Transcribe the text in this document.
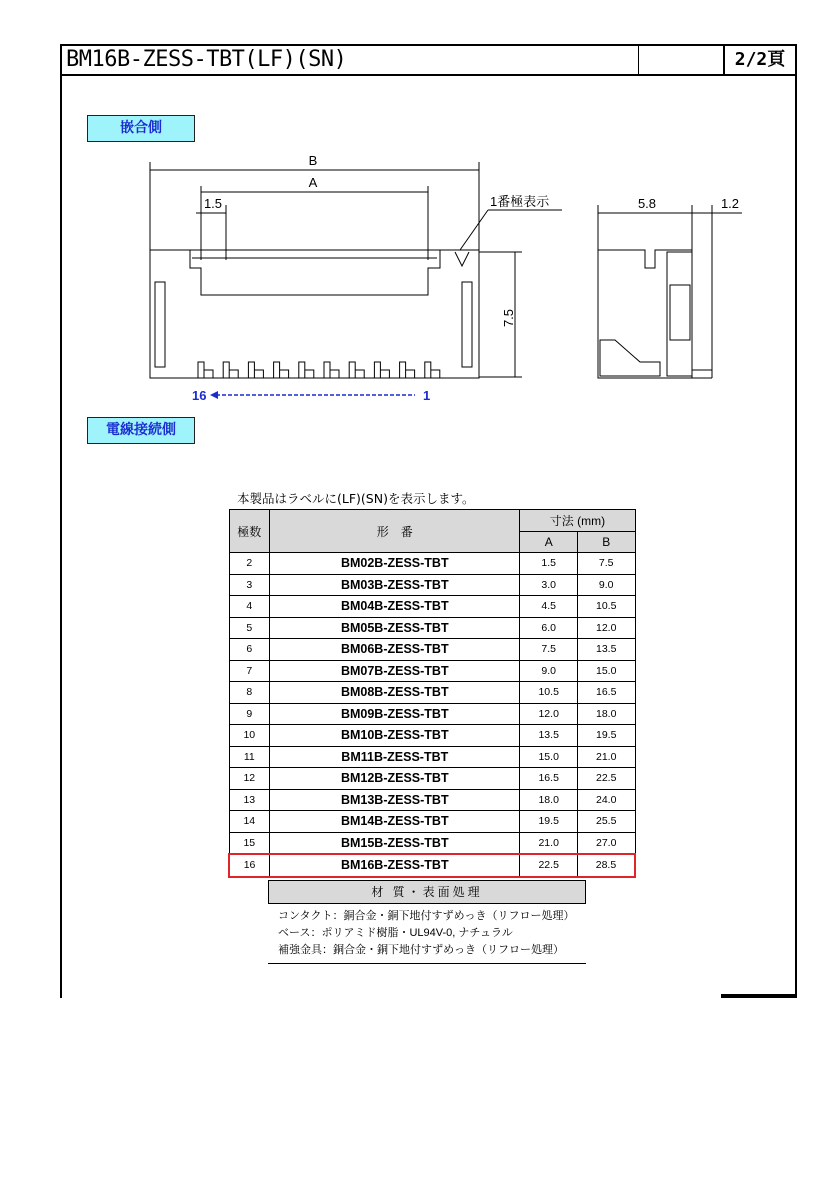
BM16B-ZESS-TBT(LF)(SN)	2/2頁
嵌合側
電線接続側
B
A
1.5	1番極表示
7.5
5.8	1.2
16	1
本製品はラベルに(LF)(SN)を表示します。
極数	形　番	寸法 (mm)	
		A	B
2	BM02B-ZESS-TBT	1.5	7.5
3	BM03B-ZESS-TBT	3.0	9.0
4	BM04B-ZESS-TBT	4.5	10.5
5	BM05B-ZESS-TBT	6.0	12.0
6	BM06B-ZESS-TBT	7.5	13.5
7	BM07B-ZESS-TBT	9.0	15.0
8	BM08B-ZESS-TBT	10.5	16.5
9	BM09B-ZESS-TBT	12.0	18.0
10	BM10B-ZESS-TBT	13.5	19.5
11	BM11B-ZESS-TBT	15.0	21.0
12	BM12B-ZESS-TBT	16.5	22.5
13	BM13B-ZESS-TBT	18.0	24.0
14	BM14B-ZESS-TBT	19.5	25.5
15	BM15B-ZESS-TBT	21.0	27.0
16	BM16B-ZESS-TBT	22.5	28.5
材 質・表面処理
コンタクト：銅合金・銅下地付すずめっき（リフロー処理）
ベース：ポリアミド樹脂・UL94V-0, ナチュラル
補強金具：銅合金・銅下地付すずめっき（リフロー処理）
